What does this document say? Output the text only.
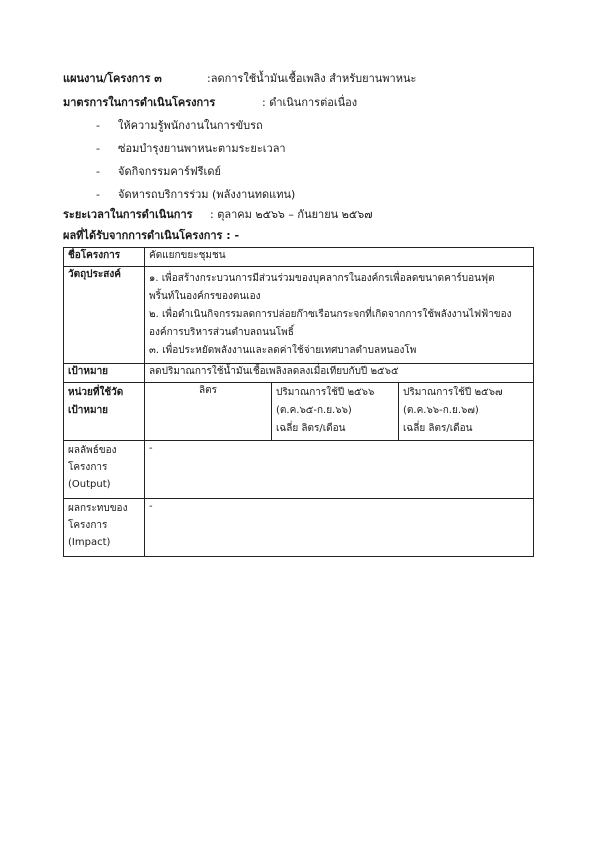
แผนงาน/โครงการ ๓	:ลดการใช้น้ำมันเชื้อเพลิง สำหรับยานพาหนะ
มาตรการในการดำเนินโครงการ	: ดำเนินการต่อเนื่อง
- ให้ความรู้พนักงานในการขับรถ
- ซ่อมบำรุงยานพาหนะตามระยะเวลา
- จัดกิจกรรมคาร์ฟรีเดย์
- จัดหารถบริการร่วม (พลังงานทดแทน)
ระยะเวลาในการดำเนินการ : ตุลาคม ๒๕๖๖ – กันยายน ๒๕๖๗
ผลที่ได้รับจากการดำเนินโครงการ : -
ชื่อโครงการ	คัดแยกขยะชุมชน		
วัตถุประสงค์	๑. เพื่อสร้างกระบวนการมีส่วนร่วมของบุคลากรในองค์กรเพื่อลดขนาดคาร์บอนฟุต
พริ้นท์ในองค์กรของตนเอง
๒. เพื่อดำเนินกิจกรรมลดการปล่อยก๊าซเรือนกระจกที่เกิดจากการใช้พลังงานไฟฟ้าของ
องค์การบริหารส่วนตำบลถนนโพธิ์
๓. เพื่อประหยัดพลังงานและลดค่าใช้จ่ายเทศบาลตำบลหนองโพ		

เป้าหมาย	ลดปริมาณการใช้น้ำมันเชื้อเพลิงลดลงเมื่อเทียบกับปี ๒๕๖๕		

หน่วยที่ใช้วัด
เป้าหมาย	ลิตร	ปริมาณการใช้ปี ๒๕๖๖
(ต.ค.๖๕-ก.ย.๖๖)
เฉลี่ย ลิตร/เดือน	ปริมาณการใช้ปี ๒๕๖๗
(ต.ค.๖๖-ก.ย.๖๗)
เฉลี่ย ลิตร/เดือน

ผลลัพธ์ของ
โครงการ
(Output)	-		

ผลกระทบของ
โครงการ
(Impact)	-		
